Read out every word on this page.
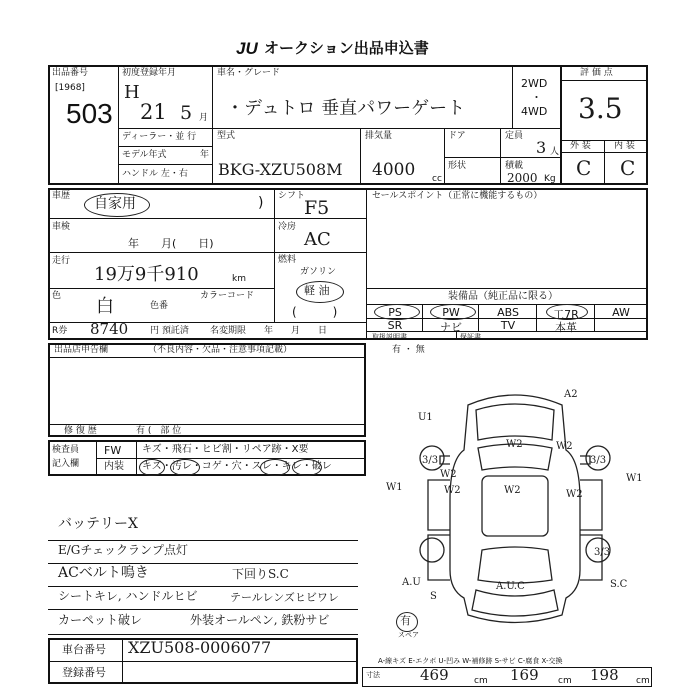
JU オークション出品申込書
出品番号
[1968]
503
初度登録年月
H
21 5 月
ディーラー・並 行
モデル年式	年
ハンドル 左・右
車名・グレード
・デュトロ 垂直パワーゲート
2WD
・
4WD
型式
BKG-XZU508M
排気量
4000 cc
ドア	定員
3 人
形状	積載
2000 Kg
評 価 点
3.5
外 装	内 装
C C
車歴 自家用	)
車検
年　　月(　　日)
走行
19万9千910	km
色 白	色番
カラーコード
シフト
F5
冷房
AC
燃料
ガソリン
軽 油
(　　　)
セールスポイント（正常に機能するもの）
R券 8740 円 預託済 名変期限 年　　月　　日
装備品（純正品に限る）
PS	PW	ABS	工7R	AW
SR	ナビ	TV	本革
取扱説明書
有 ・ 無
保証書
出品店申告欄	（不良内容・欠品・注意事項記載）
修 復 歴	有 (　部 位
検査員
記入欄
FW キズ・飛石・ヒビ割・リペア跡・X要
内装 キズ・汚レ・コゲ・穴・スレ・キレ・破レ
バッテリーX
E/Gチェックランプ点灯
ACベルト鳴き
シートキレ, ハンドルヒビ
カーペット破レ
下回りS.C
テールレンズヒビワレ
外装オールペン, 鉄粉サビ
A2
U1
W2
W2	W2	W2
W2
W1
W1
W2
3/3	3/3
A.U
S
A.U.C	S.C
3/3
有
スペア
車台番号 XZU508-0006077
登録番号
A-線キズ E-エクボ U-凹み W-補修跡 S-サビ C-腐食 X-交換
寸法	469	cm 169 cm 198 cm
